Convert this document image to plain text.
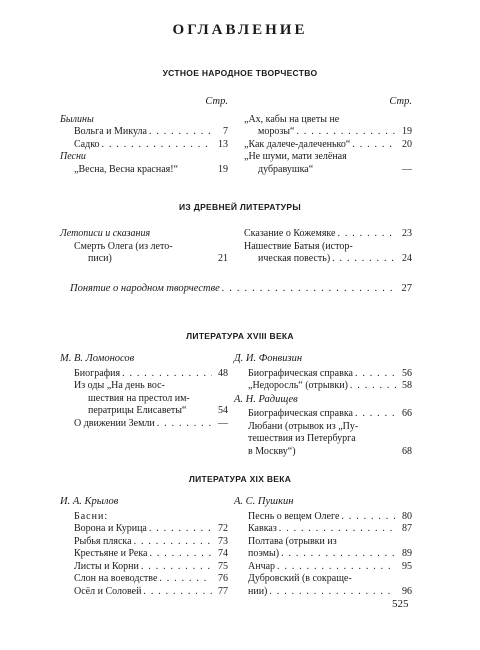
ОГЛАВЛЕНИЕ
УСТНОЕ НАРОДНОЕ ТВОРЧЕСТВО
Стр.
Былины
Вольга и Микула . . .	7
Садко . . .	13
Песни
„Весна, Весна красная!“	19
Стр.
„Ах, кабы на цветы не
морозы“ . . .	19
„Как далече-далеченько“ . . .	20
„Не шуми, мати зелёная
дубравушка“	—
ИЗ ДРЕВНЕЙ ЛИТЕРАТУРЫ
Летописи и сказания
Смерть Олега (из лето-
писи)	21
Сказание о Кожемяке . . .	23
Нашествие Батыя (истор-
ическая повесть) . . .	24
Понятие о народном творчестве . . .	27
ЛИТЕРАТУРА XVIII ВЕКА
М. В. Ломоносов
Биография . . .	48
Из оды „На день вос-
шествия на престол им-
ператрицы Елисаветы“	54
О движении Земли . . .	—
Д. И. Фонвизин
Биографическая справка . . .	56
„Недоросль“ (отрывки) . . .	58
А. Н. Радищев
Биографическая справка . . .	66
Любани (отрывок из „Пу-
тешествия из Петербурга
в Москву“)	68
ЛИТЕРАТУРА XIX ВЕКА
И. А. Крылов
Басни:
Ворона и Курица . . .	72
Рыбья пляска . . .	73
Крестьяне и Река . . .	74
Листы и Корни . . .	75
Слон на воеводстве . . .	76
Осёл и Соловей . . .	77
А. С. Пушкин
Песнь о вещем Олеге . . .	80
Кавказ . . .	87
Полтава (отрывки из
поэмы) . . .	89
Анчар . . .	95
Дубровский (в сокраще-
нии) . . .	96
525
